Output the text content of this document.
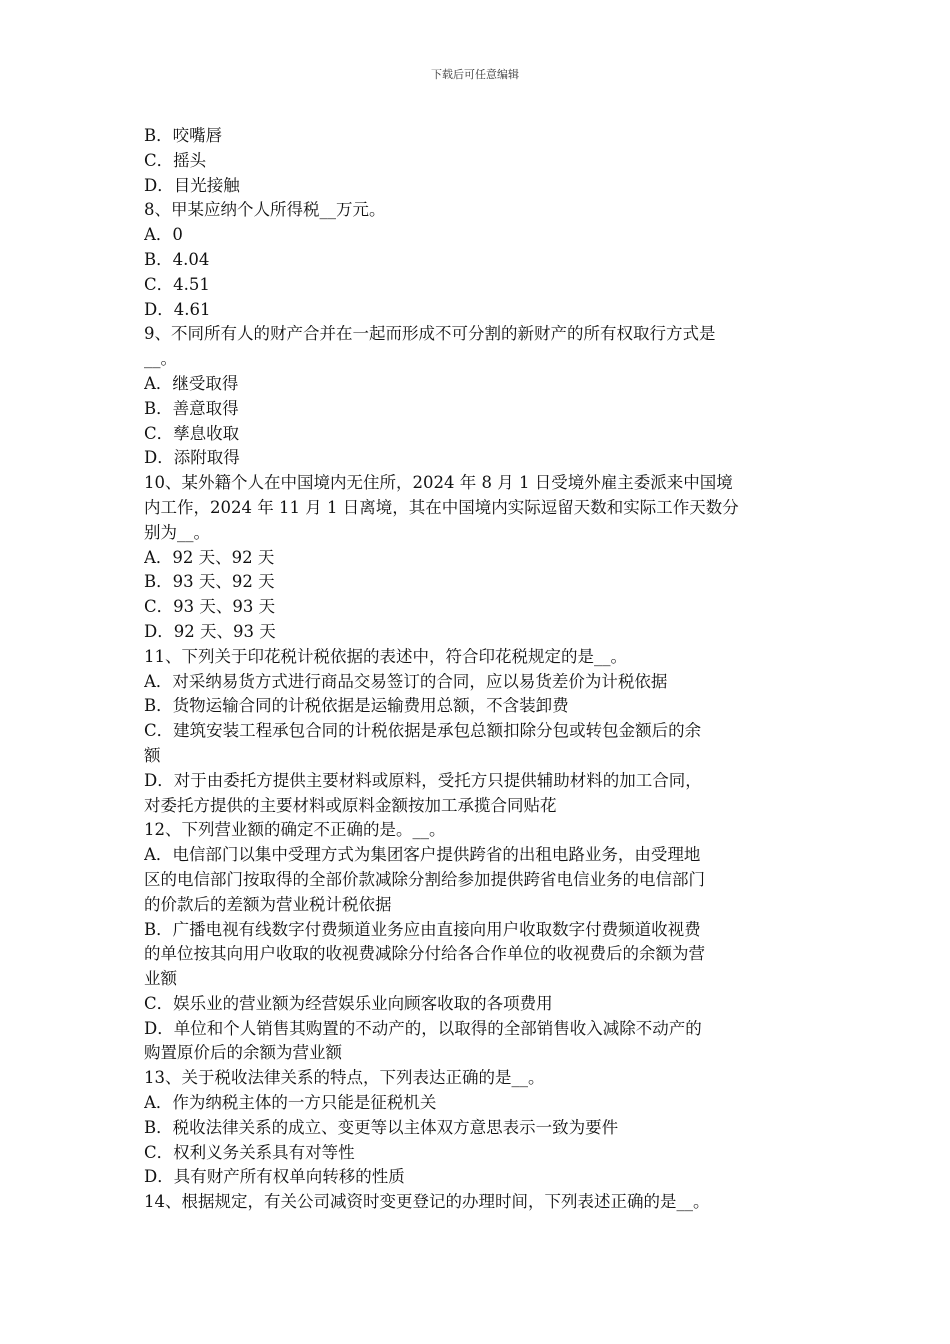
下载后可任意编辑
B．咬嘴唇
C．摇头
D．目光接触
8、甲某应纳个人所得税__万元。
A．0
B．4.04
C．4.51
D．4.61
9、不同所有人的财产合并在一起而形成不可分割的新财产的所有权取行方式是
__。
A．继受取得
B．善意取得
C．孳息收取
D．添附取得
10、某外籍个人在中国境内无住所，2024 年 8 月 1 日受境外雇主委派来中国境
内工作，2024 年 11 月 1 日离境，其在中国境内实际逗留天数和实际工作天数分
别为__。
A．92 天、92 天
B．93 天、92 天
C．93 天、93 天
D．92 天、93 天
11、下列关于印花税计税依据的表述中，符合印花税规定的是__。
A．对采纳易货方式进行商品交易签订的合同，应以易货差价为计税依据
B．货物运输合同的计税依据是运输费用总额，不含装卸费
C．建筑安装工程承包合同的计税依据是承包总额扣除分包或转包金额后的余
额
D．对于由委托方提供主要材料或原料，受托方只提供辅助材料的加工合同，
对委托方提供的主要材料或原料金额按加工承揽合同贴花
12、下列营业额的确定不正确的是。__。
A．电信部门以集中受理方式为集团客户提供跨省的出租电路业务，由受理地
区的电信部门按取得的全部价款减除分割给参加提供跨省电信业务的电信部门
的价款后的差额为营业税计税依据
B．广播电视有线数字付费频道业务应由直接向用户收取数字付费频道收视费
的单位按其向用户收取的收视费减除分付给各合作单位的收视费后的余额为营
业额
C．娱乐业的营业额为经营娱乐业向顾客收取的各项费用
D．单位和个人销售其购置的不动产的，以取得的全部销售收入减除不动产的
购置原价后的余额为营业额
13、关于税收法律关系的特点，下列表达正确的是__。
A．作为纳税主体的一方只能是征税机关
B．税收法律关系的成立、变更等以主体双方意思表示一致为要件
C．权利义务关系具有对等性
D．具有财产所有权单向转移的性质
14、根据规定，有关公司减资时变更登记的办理时间，下列表述正确的是__。
